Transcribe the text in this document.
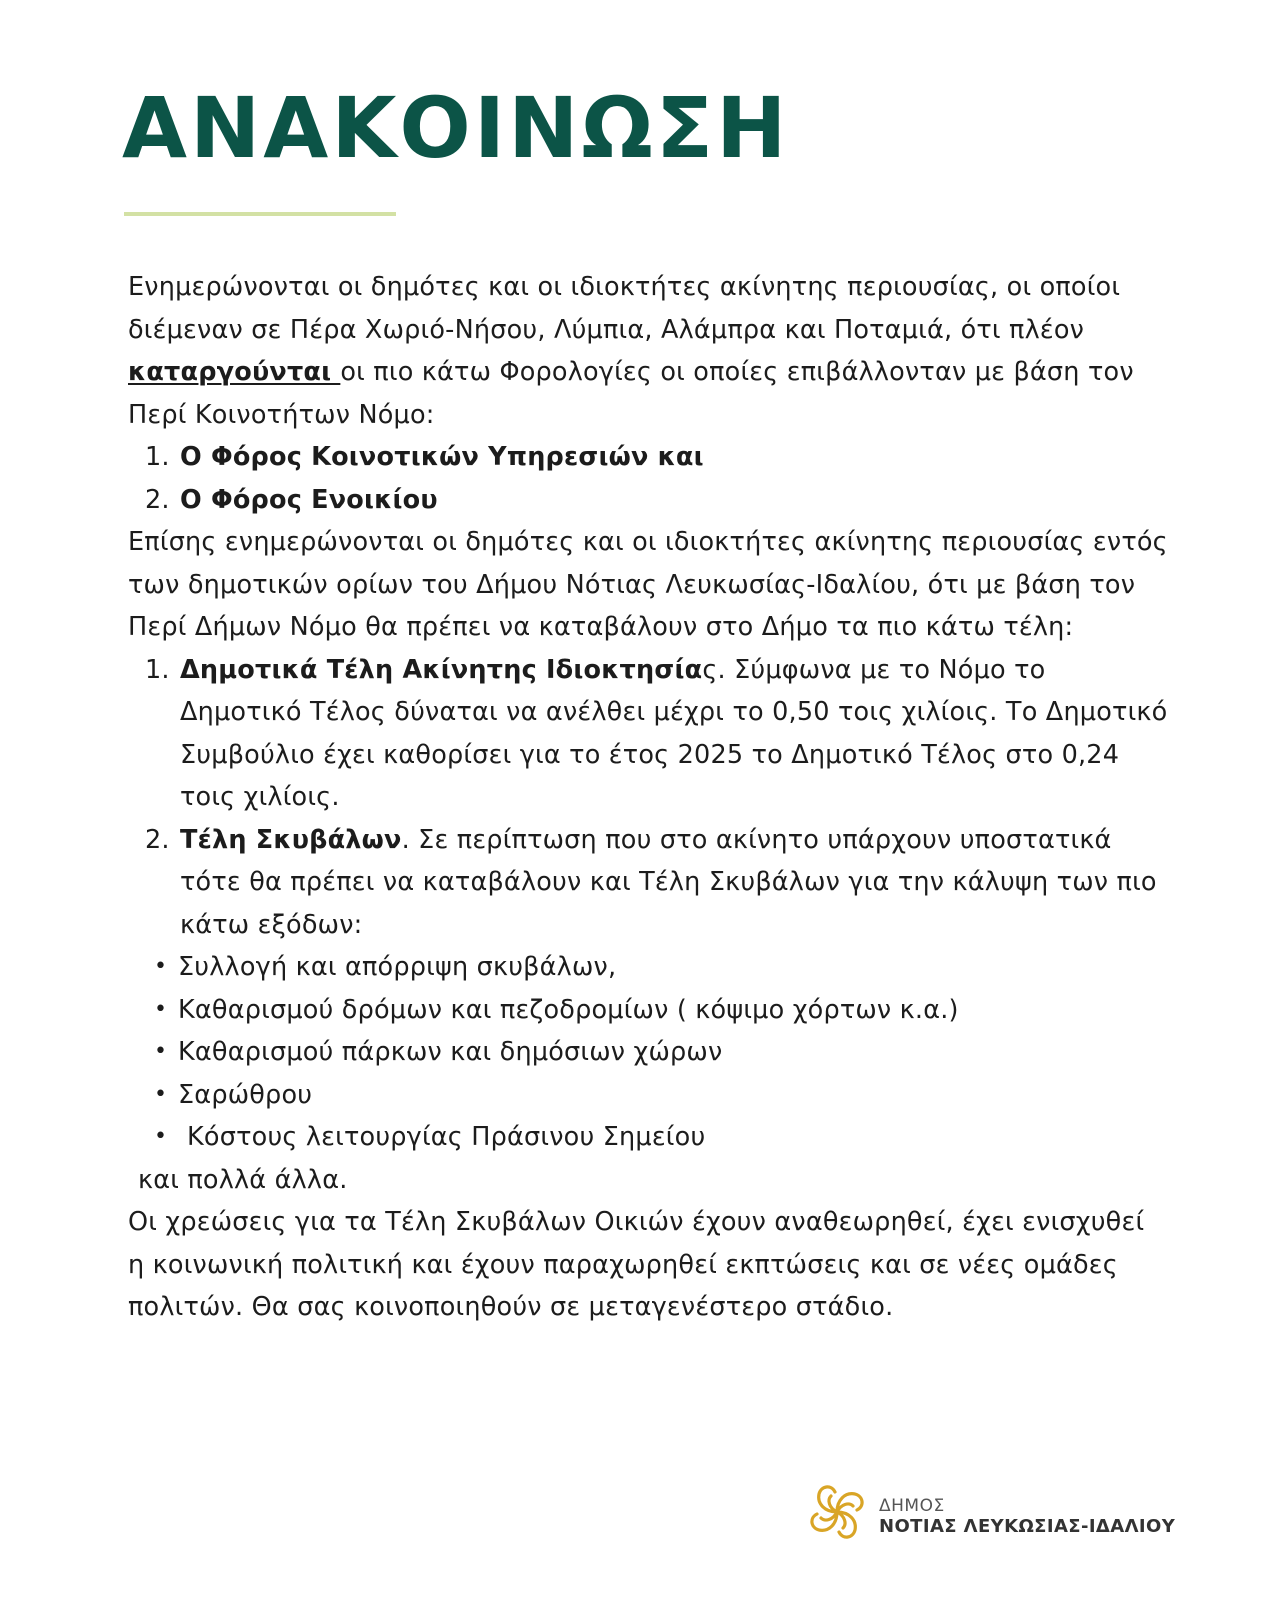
ΑΝΑΚΟΙΝΩΣΗ

Ενημερώνονται οι δημότες και οι ιδιοκτήτες ακίνητης περιουσίας, οι οποίοι διέμεναν σε Πέρα Χωριό-Νήσου, Λύμπια, Αλάμπρα και Ποταμιά, ότι πλέον καταργούνται οι πιο κάτω Φορολογίες οι οποίες επιβάλλονταν με βάση τον Περί Κοινοτήτων Νόμο:

1. Ο Φόρος Κοινοτικών Υπηρεσιών και
2. Ο Φόρος Ενοικίου

Επίσης ενημερώνονται οι δημότες και οι ιδιοκτήτες ακίνητης περιουσίας εντός των δημοτικών ορίων του Δήμου Νότιας Λευκωσίας-Ιδαλίου, ότι με βάση τον Περί Δήμων Νόμο θα πρέπει να καταβάλουν στο Δήμο τα πιο κάτω τέλη:

1. Δημοτικά Τέλη Ακίνητης Ιδιοκτησίας. Σύμφωνα με το Νόμο το Δημοτικό Τέλος δύναται να ανέλθει μέχρι το 0,50 τοις χιλίοις. Το Δημοτικό Συμβούλιο έχει καθορίσει για το έτος 2025 το Δημοτικό Τέλος στο 0,24 τοις χιλίοις.
2. Τέλη Σκυβάλων. Σε περίπτωση που στο ακίνητο υπάρχουν υποστατικά τότε θα πρέπει να καταβάλουν και Τέλη Σκυβάλων για την κάλυψη των πιο κάτω εξόδων:
• Συλλογή και απόρριψη σκυβάλων,
• Καθαρισμού δρόμων και πεζοδρομίων ( κόψιμο χόρτων κ.α.)
• Καθαρισμού πάρκων και δημόσιων χώρων
• Σαρώθρου
• Κόστους λειτουργίας Πράσινου Σημείου

και πολλά άλλα.

Οι χρεώσεις για τα Τέλη Σκυβάλων Οικιών έχουν αναθεωρηθεί, έχει ενισχυθεί η κοινωνική πολιτική και έχουν παραχωρηθεί εκπτώσεις και σε νέες ομάδες πολιτών. Θα σας κοινοποιηθούν σε μεταγενέστερο στάδιο.

ΔΗΜΟΣ
ΝΟΤΙΑΣ ΛΕΥΚΩΣΙΑΣ-ΙΔΑΛΙΟΥ
